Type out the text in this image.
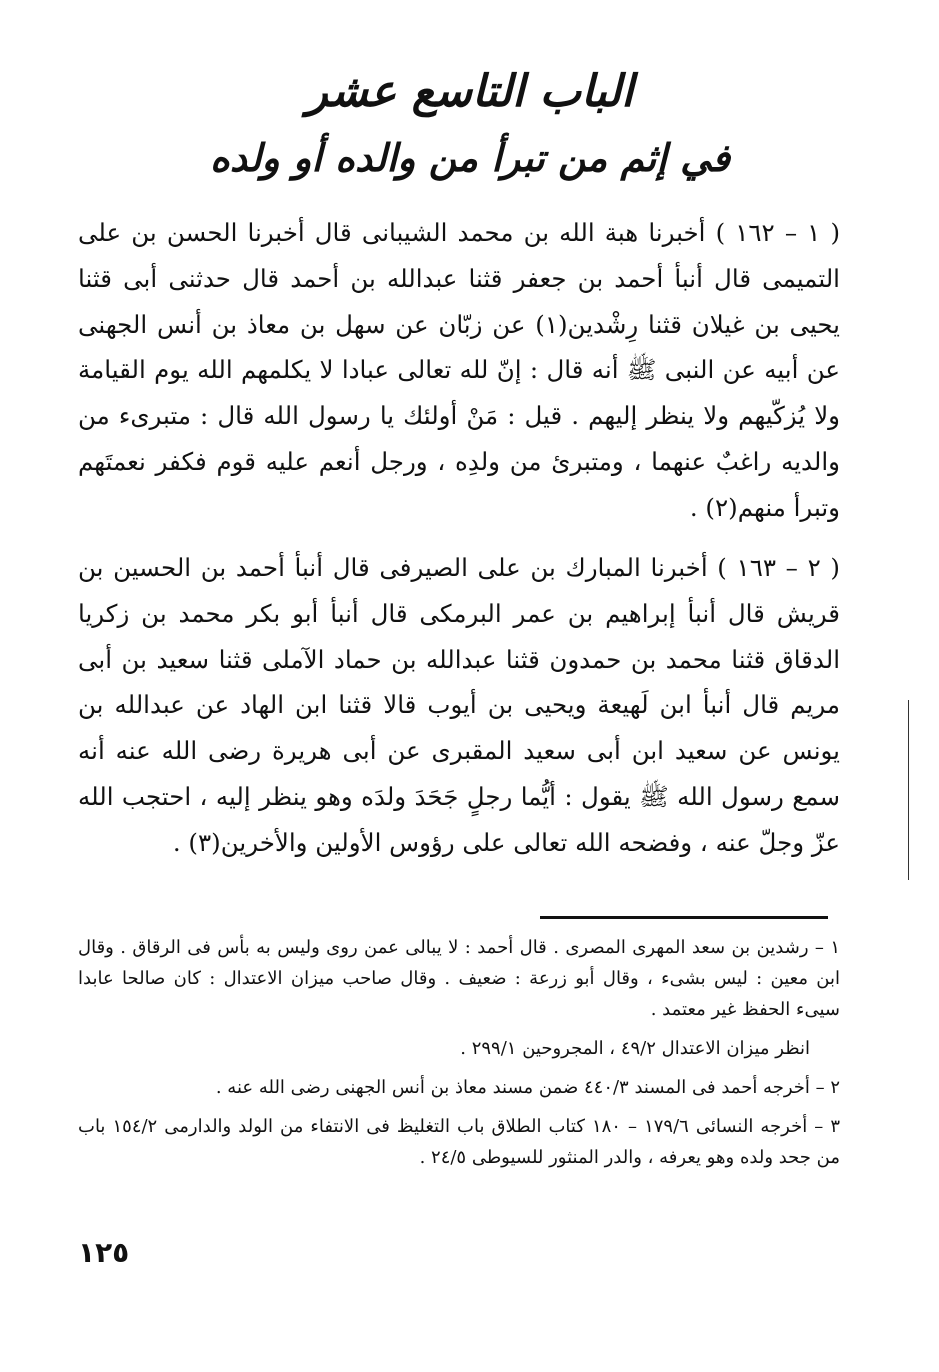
الباب التاسع عشر
في إثم من تبرأ من والده أو ولده

( ١ – ١٦٢ ) أخبرنا هبة الله بن محمد الشيبانى قال أخبرنا الحسن بن على التميمى قال أنبأ أحمد بن جعفر قثنا عبدالله بن أحمد قال حدثنى أبى قثنا يحيى بن غيلان قثنا رِشْدين(١) عن زبّان عن سهل بن معاذ بن أنس الجهنى عن أبيه عن النبى ﷺ أنه قال : إنّ لله تعالى عبادا لا يكلمهم الله يوم القيامة ولا يُزكّيهم ولا ينظر إليهم . قيل : مَنْ أولئك يا رسول الله قال : متبرىء من والديه راغبٌ عنهما ، ومتبرئ من ولدِه ، ورجل أنعم عليه قوم فكفر نعمتَهم وتبرأ منهم(٢) .

( ٢ – ١٦٣ ) أخبرنا المبارك بن على الصيرفى قال أنبأ أحمد بن الحسين بن قريش قال أنبأ إبراهيم بن عمر البرمكى قال أنبأ أبو بكر محمد بن زكريا الدقاق قثنا محمد بن حمدون قثنا عبدالله بن حماد الآملى قثنا سعيد بن أبى مريم قال أنبأ ابن لَهيعة ويحيى بن أيوب قالا قثنا ابن الهاد عن عبدالله بن يونس عن سعيد ابن أبى سعيد المقبرى عن أبى هريرة رضى الله عنه أنه سمع رسول الله ﷺ يقول : أيُّما رجلٍ جَحَدَ ولدَه وهو ينظر إليه ، احتجب الله عزّ وجلّ عنه ، وفضحه الله تعالى على رؤوس الأولين والأخرين(٣) .

١ – رشدين بن سعد المهرى المصرى . قال أحمد : لا يبالى عمن روى وليس به بأس فى الرقاق . وقال ابن معين : ليس بشىء ، وقال أبو زرعة : ضعيف . وقال صاحب ميزان الاعتدال : كان صالحا عابدا سيىء الحفظ غير معتمد .

انظر ميزان الاعتدال ٤٩/٢ ، المجروحين ٢٩٩/١ .

٢ – أخرجه أحمد فى المسند ٤٤٠/٣ ضمن مسند معاذ بن أنس الجهنى رضى الله عنه .

٣ – أخرجه النسائى ١٧٩/٦ – ١٨٠ كتاب الطلاق باب التغليظ فى الانتفاء من الولد والدارمى ١٥٤/٢ باب من جحد ولده وهو يعرفه ، والدر المنثور للسيوطى ٢٤/٥ .

١٢٥
